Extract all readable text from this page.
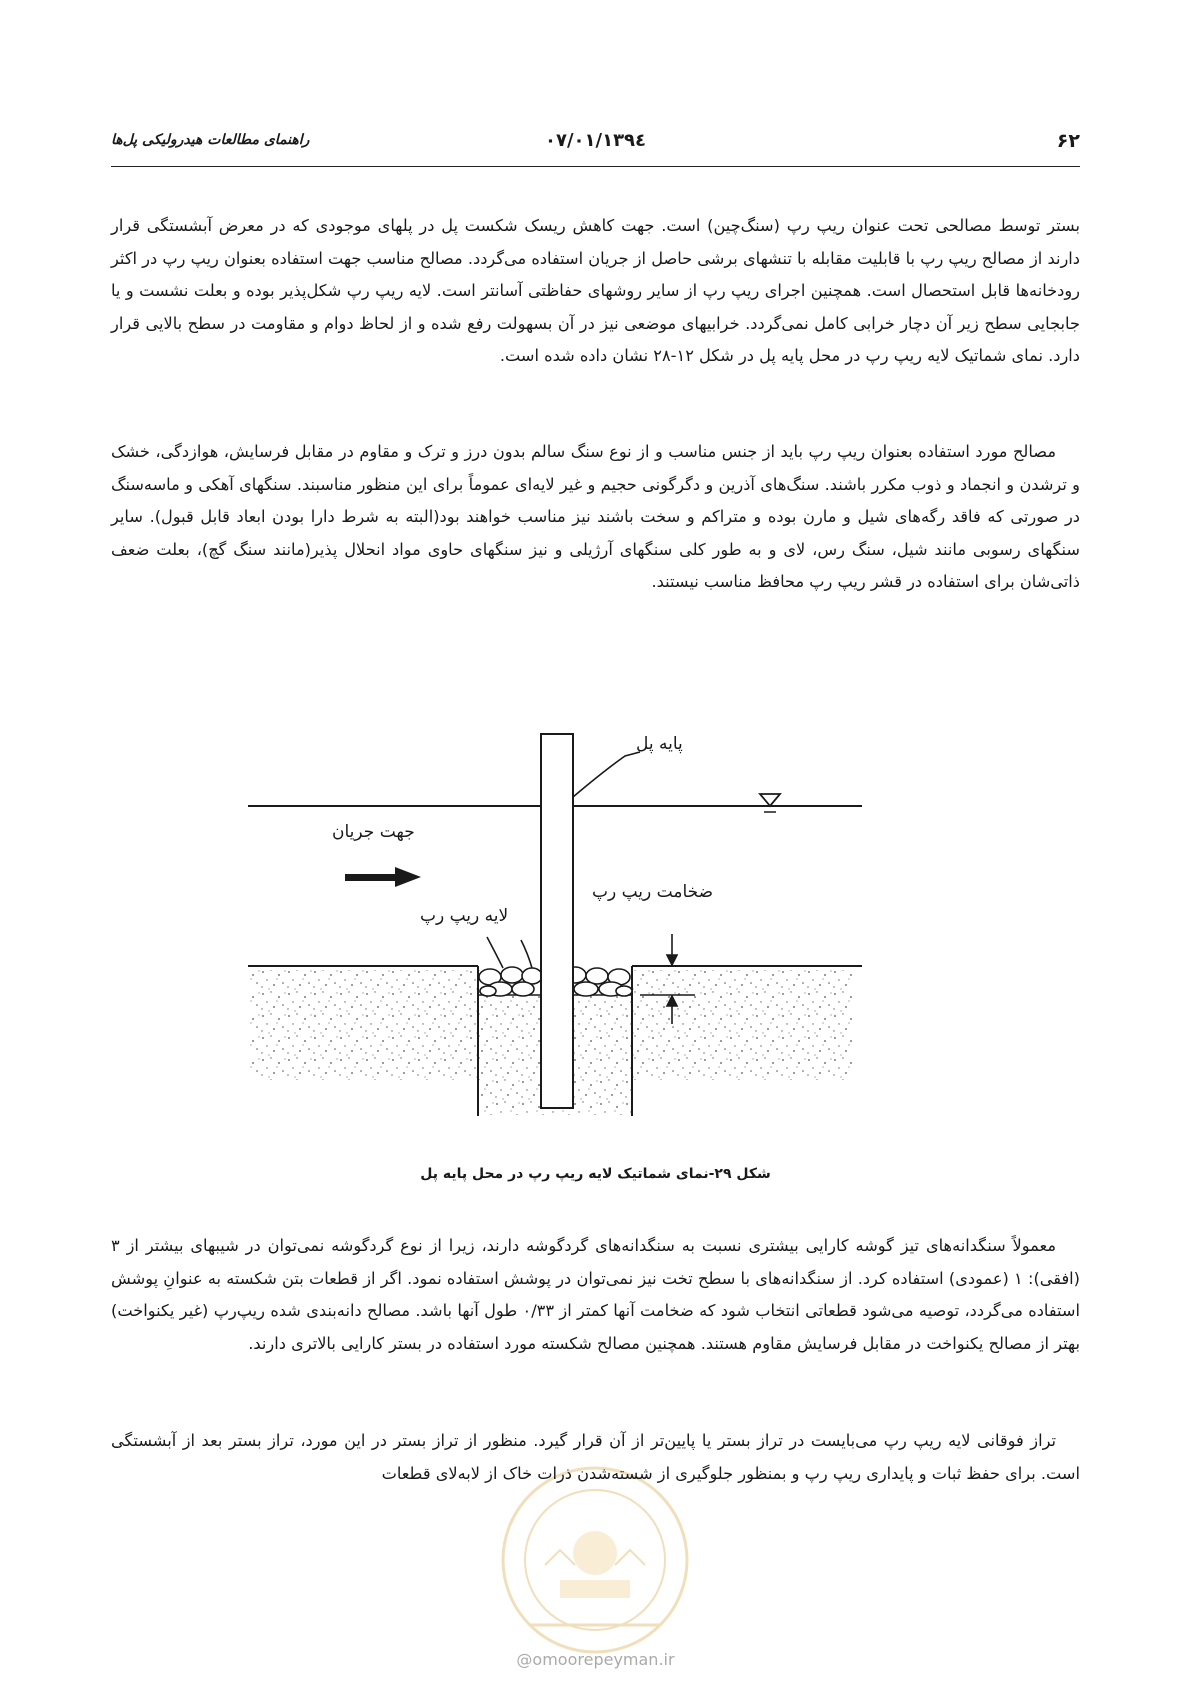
۶۲
۱۳۹٤/۰۷/۰۱
راهنمای مطالعات هیدرولیکی پل‌ها

بستر توسط مصالحی تحت عنوان ریپ رپ (سنگ‌چین) است. جهت کاهش ریسک شکست پل در پلهای موجودی که در معرض آبشستگی قرار دارند از مصالح ریپ رپ با قابلیت مقابله با تنشهای برشی حاصل از جریان استفاده می‌گردد. مصالح مناسب جهت استفاده بعنوان ریپ رپ در اکثر رودخانه‌ها قابل استحصال است. همچنین اجرای ریپ رپ از سایر روشهای حفاظتی آسانتر است. لایه ریپ رپ شکل‌پذیر بوده و بعلت نشست و یا جابجایی سطح زیر آن دچار خرابی کامل نمی‌گردد. خرابیهای موضعی نیز در آن بسهولت رفع شده و از لحاظ دوام و مقاومت در سطح بالایی قرار دارد. نمای شماتیک لایه ریپ رپ در محل پایه پل در شکل ۱۲-۲۸ نشان داده شده است.

مصالح مورد استفاده بعنوان ریپ رپ باید از جنس مناسب و از نوع سنگ سالم بدون درز و ترک و مقاوم در مقابل فرسایش، هوازدگی، خشک و ترشدن و انجماد و ذوب مکرر باشند. سنگ‌های آذرین و دگرگونی حجیم و غیر لایه‌ای عموماً برای این منظور مناسبند. سنگهای آهکی و ماسه‌سنگ در صورتی که فاقد رگه‌های شیل و مارن بوده و متراکم و سخت باشند نیز مناسب خواهند بود(البته به شرط دارا بودن ابعاد قابل قبول). سایر سنگهای رسوبی مانند شیل، سنگ رس، لای و به طور کلی سنگهای آرژیلی و نیز سنگهای حاوی مواد انحلال پذیر(مانند سنگ گچ)، بعلت ضعف ذاتی‌شان برای استفاده در قشر ریپ رپ محافظ مناسب نیستند.

پایه پل
جهت جریان
ضخامت ریپ رپ
لایه ریپ رپ
شکل ۲۹-نمای شماتیک لایه ریپ رپ در محل پایه پل

معمولاً سنگدانه‌های تیز گوشه کارایی بیشتری نسبت به سنگدانه‌های گردگوشه دارند، زیرا از نوع گردگوشه نمی‌توان در شیبهای بیشتر از ۳ (افقی): ۱ (عمودی) استفاده کرد. از سنگدانه‌های با سطح تخت نیز نمی‌توان در پوشش استفاده نمود. اگر از قطعات بتن شکسته به عنوانِ پوشش استفاده می‌گردد، توصیه می‌شود قطعاتی انتخاب شود که ضخامت آنها کمتر از ۰/۳۳ طول آنها باشد. مصالح دانه‌بندی شده ریپ‌رپ (غیر یکنواخت) بهتر از مصالح یکنواخت در مقابل فرسایش مقاوم هستند. همچنین مصالح شکسته مورد استفاده در بستر کارایی بالاتری دارند.

تراز فوقانی لایه ریپ رپ می‌بایست در تراز بستر یا پایین‌تر از آن قرار گیرد. منظور از تراز بستر در این مورد، تراز بستر بعد از آبشستگی است. برای حفظ ثبات و پایداری ریپ رپ و بمنظور جلوگیری از شسته‌شدن ذرات خاک از لابه‌لای قطعات

@omoorepeyman.ir
